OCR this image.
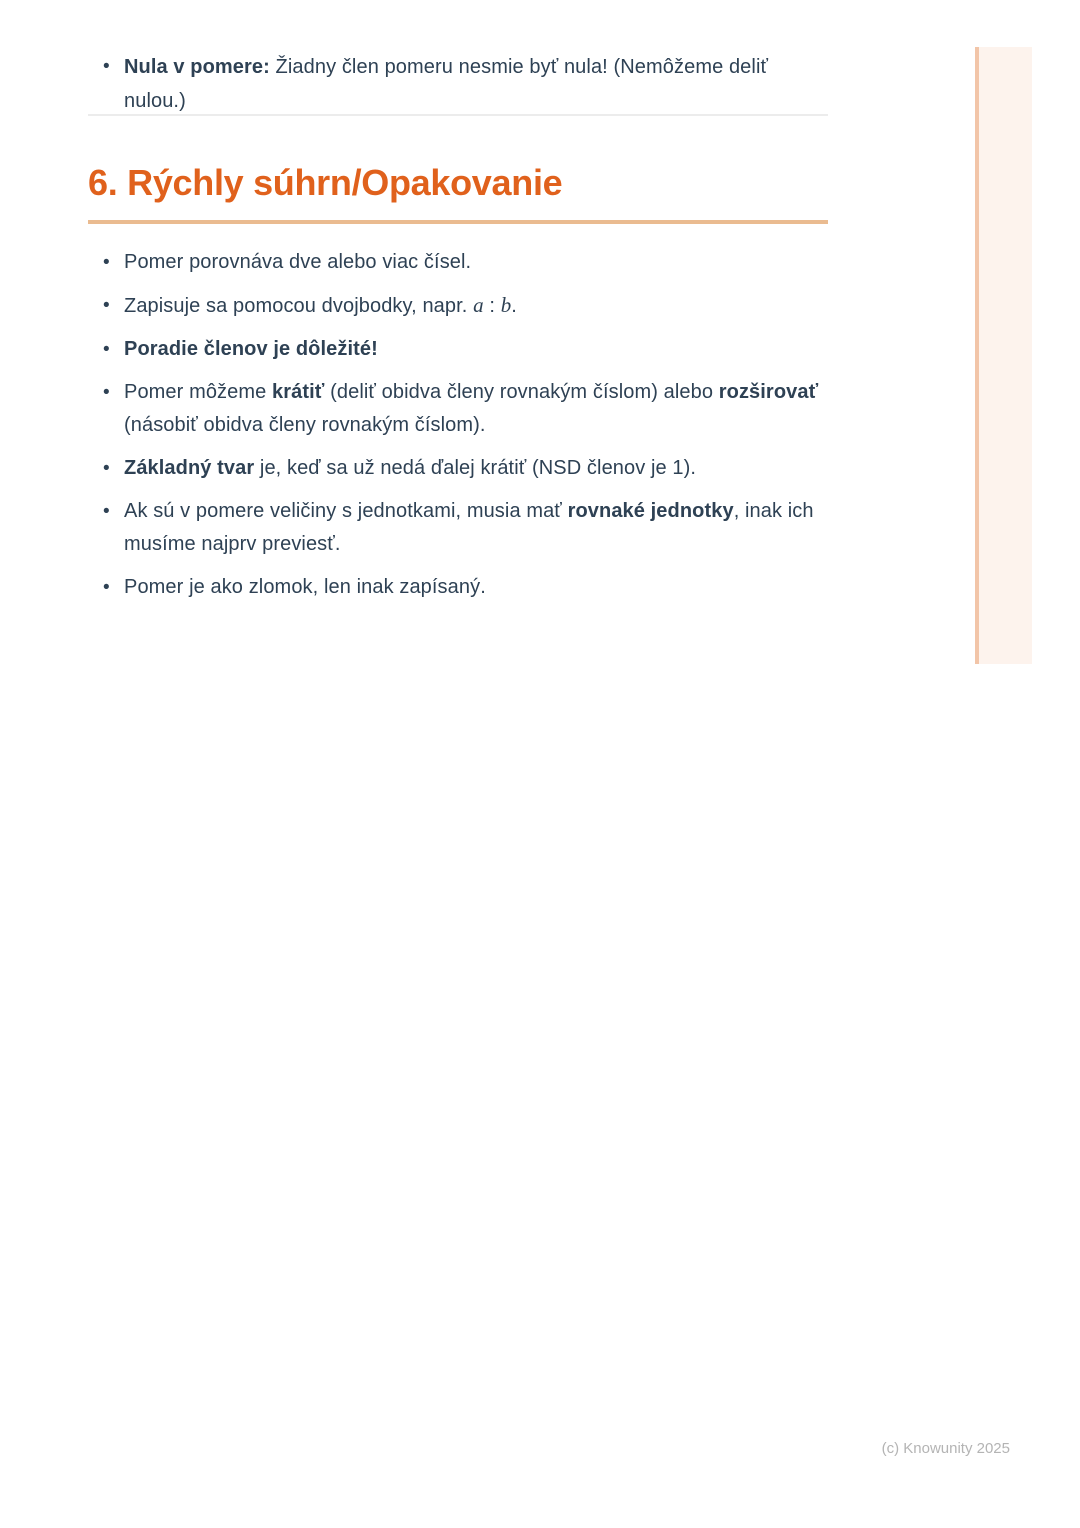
• Nula v pomere: Žiadny člen pomeru nesmie byť nula! (Nemôžeme deliť nulou.)
6. Rýchly súhrn/Opakovanie
• Pomer porovnáva dve alebo viac čísel.
• Zapisuje sa pomocou dvojbodky, napr. a : b.
• Poradie členov je dôležité!
• Pomer môžeme krátiť (deliť obidva členy rovnakým číslom) alebo rozširovať (násobiť obidva členy rovnakým číslom).
• Základný tvar je, keď sa už nedá ďalej krátiť (NSD členov je 1).
• Ak sú v pomere veličiny s jednotkami, musia mať rovnaké jednotky, inak ich musíme najprv previesť.
• Pomer je ako zlomok, len inak zapísaný.
(c) Knowunity 2025
